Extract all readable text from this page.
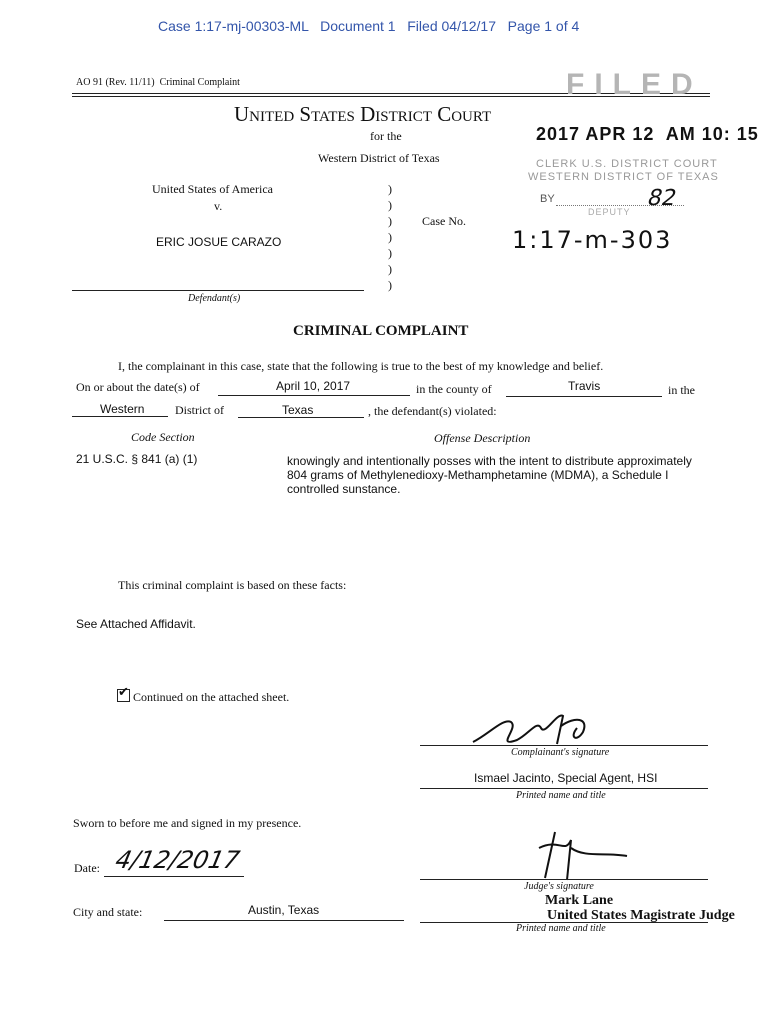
Case 1:17-mj-00303-ML   Document 1   Filed 04/12/17   Page 1 of 4
AO 91 (Rev. 11/11)  Criminal Complaint	FILED
2017 APR 12  AM 10: 15
CLERK U.S. DISTRICT COURT
WESTERN DISTRICT OF TEXAS
BY
DEPUTY
82
United States District Court
for the
Western District of Texas
United States of America
v.
ERIC JOSUE CARAZO
Defendant(s)
)
)
)
)
)
)
)
Case No.
1:17-m-303
CRIMINAL COMPLAINT
I, the complainant in this case, state that the following is true to the best of my knowledge and belief.
On or about the date(s) of	April 10, 2017	in the county of	Travis	in the
Western	District of	Texas	, the defendant(s) violated:
Code Section	Offense Description
21 U.S.C. § 841 (a) (1)	knowingly and intentionally posses with the intent to distribute approximately
804 grams of Methylenedioxy-Methamphetamine (MDMA), a Schedule I
controlled sunstance.
This criminal complaint is based on these facts:
See Attached Affidavit.
✔ Continued on the attached sheet.
Complainant's signature
Ismael Jacinto, Special Agent, HSI
Printed name and title
Sworn to before me and signed in my presence.
Date: 4/12/2017
Judge's signature
Mark Lane
United States Magistrate Judge
City and state:	Austin, Texas
Printed name and title
